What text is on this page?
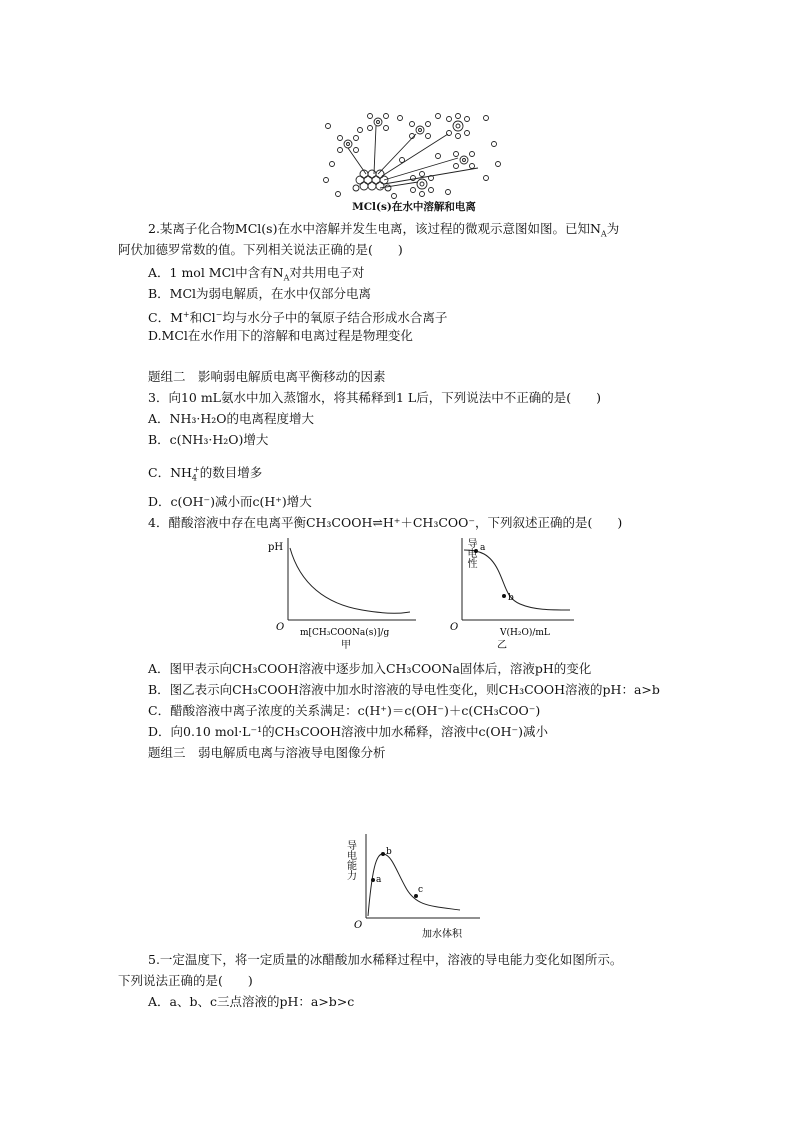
MCl(s)在水中溶解和电离
2.某离子化合物MCl(s)在水中溶解并发生电离，该过程的微观示意图如图。已知$N_A$为
阿伏加德罗常数的值。下列相关说法正确的是(　　)
A．1 mol MCl中含有$N_A$对共用电子对
B．MCl为弱电解质，在水中仅部分电离
C．M+和Cl−均与水分子中的氧原子结合形成水合离子
D.MCl在水作用下的溶解和电离过程是物理变化
题组二　影响弱电解质电离平衡移动的因素
3．向10 mL氨水中加入蒸馏水，将其稀释到1 L后，下列说法中不正确的是(　　)
A．NH₃·H₂O的电离程度增大
B．c(NH₃·H₂O)增大
C．$NH_4^+$的数目增多
D．c(OH⁻)减小而c(H⁺)增大
4．醋酸溶液中存在电离平衡CH₃COOH⇌H⁺＋CH₃COO⁻，下列叙述正确的是(　　)
pH
O m[CH₃COONa(s)]/g
甲
a
b
导电性
O	V(H₂O)/mL
乙
A．图甲表示向CH₃COOH溶液中逐步加入CH₃COONa固体后，溶液pH的变化
B．图乙表示向CH₃COOH溶液中加水时溶液的导电性变化，则CH₃COOH溶液的pH：a>b
C．醋酸溶液中离子浓度的关系满足：c(H⁺)＝c(OH⁻)＋c(CH₃COO⁻)
D．向0.10 mol·L⁻¹的CH₃COOH溶液中加水稀释，溶液中c(OH⁻)减小
题组三　弱电解质电离与溶液导电图像分析
a
b
c
导电能力
O
加水体积
5.一定温度下，将一定质量的冰醋酸加水稀释过程中，溶液的导电能力变化如图所示。
下列说法正确的是(　　)
A．a、b、c三点溶液的pH：a>b>c
